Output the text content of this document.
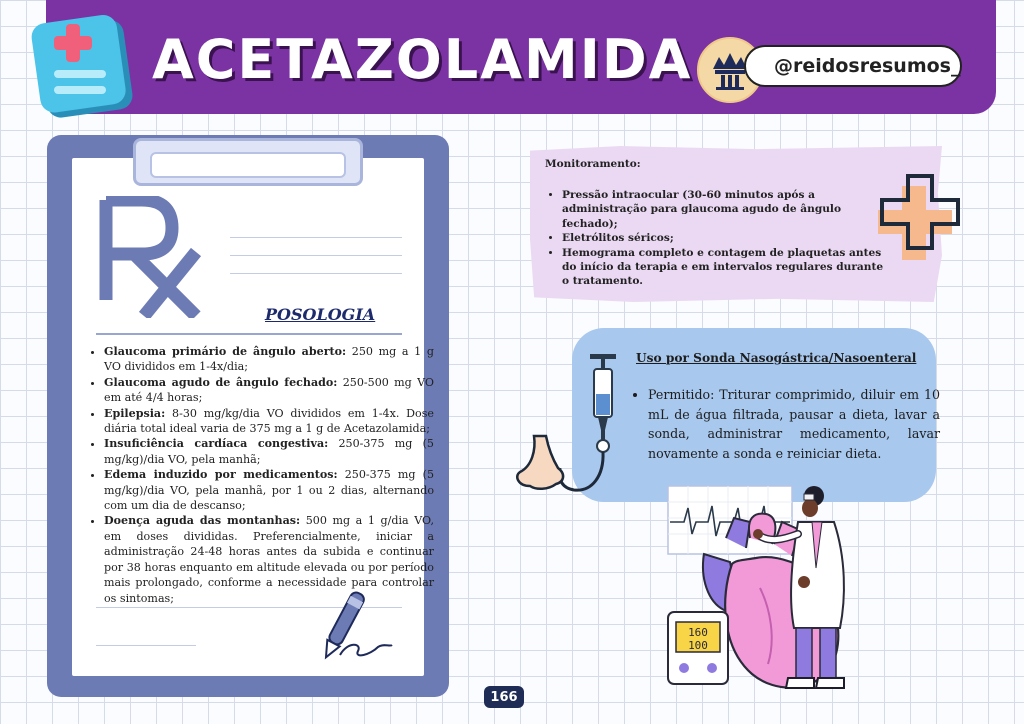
ACETAZOLAMIDA	@reidosresumos_
POSOLOGIA
• Glaucoma primário de ângulo aberto: 250 mg a 1 g VO divididos em 1-4x/dia;
• Glaucoma agudo de ângulo fechado: 250-500 mg VO em até 4/4 horas;
• Epilepsia: 8-30 mg/kg/dia VO divididos em 1-4x. Dose diária total ideal varia de 375 mg a 1 g de Acetazolamida;
• Insuficiência cardíaca congestiva: 250-375 mg (5 mg/kg)/dia VO, pela manhã;
• Edema induzido por medicamentos: 250-375 mg (5 mg/kg)/dia VO, pela manhã, por 1 ou 2 dias, alternando com um dia de descanso;
• Doença aguda das montanhas: 500 mg a 1 g/dia VO, em doses divididas. Preferencialmente, iniciar a administração 24-48 horas antes da subida e continuar por 38 horas enquanto em altitude elevada ou por período mais prolongado, conforme a necessidade para controlar os sintomas;
Monitoramento:
• Pressão intraocular (30-60 minutos após a administração para glaucoma agudo de ângulo fechado);
• Eletrólitos séricos;
• Hemograma completo e contagem de plaquetas antes do início da terapia e em intervalos regulares durante o tratamento.
Uso por Sonda Nasogástrica/Nasoenteral
• Permitido: Triturar comprimido, diluir em 10 mL de água filtrada, pausar a dieta, lavar a sonda, administrar medicamento, lavar novamente a sonda e reiniciar dieta.
160
100
166
